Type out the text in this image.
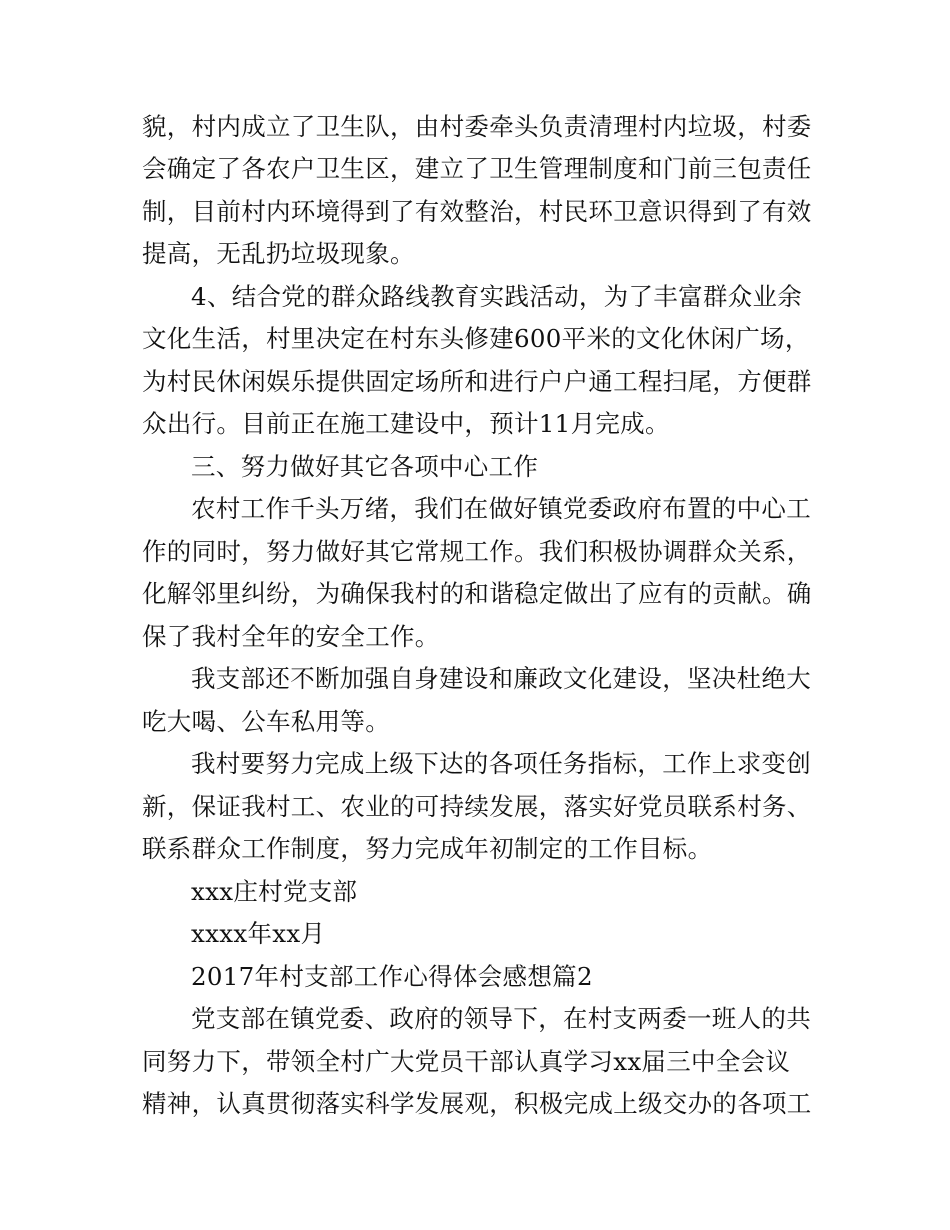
貌，村内成立了卫生队，由村委牵头负责清理村内垃圾，村委
会确定了各农户卫生区，建立了卫生管理制度和门前三包责任
制，目前村内环境得到了有效整治，村民环卫意识得到了有效
提高，无乱扔垃圾现象。
4、结合党的群众路线教育实践活动，为了丰富群众业余
文化生活，村里决定在村东头修建600平米的文化休闲广场，
为村民休闲娱乐提供固定场所和进行户户通工程扫尾，方便群
众出行。目前正在施工建设中，预计11月完成。
三、努力做好其它各项中心工作
农村工作千头万绪，我们在做好镇党委政府布置的中心工
作的同时，努力做好其它常规工作。我们积极协调群众关系，
化解邻里纠纷，为确保我村的和谐稳定做出了应有的贡献。确
保了我村全年的安全工作。
我支部还不断加强自身建设和廉政文化建设，坚决杜绝大
吃大喝、公车私用等。
我村要努力完成上级下达的各项任务指标，工作上求变创
新，保证我村工、农业的可持续发展，落实好党员联系村务、
联系群众工作制度，努力完成年初制定的工作目标。
xxx庄村党支部
xxxx年xx月
2017年村支部工作心得体会感想篇2
党支部在镇党委、政府的领导下，在村支两委一班人的共
同努力下，带领全村广大党员干部认真学习xx届三中全会议
精神，认真贯彻落实科学发展观，积极完成上级交办的各项工
